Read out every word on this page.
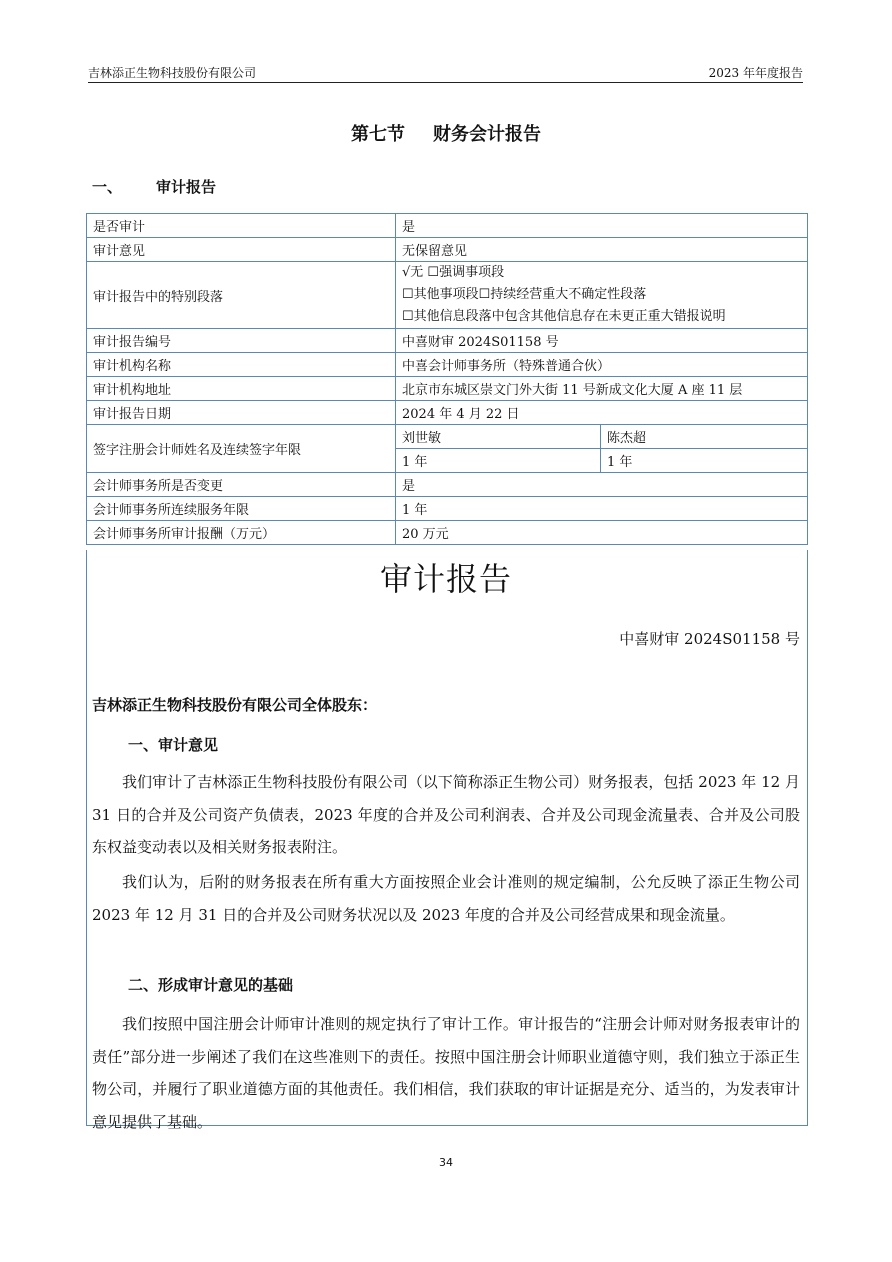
吉林添正生物科技股份有限公司	2023 年年度报告
第七节 财务会计报告
一、 审计报告
是否审计	是	
审计意见	无保留意见	
审计报告中的特别段落	√无 ☐强调事项段
☐其他事项段☐持续经营重大不确定性段落
☐其他信息段落中包含其他信息存在未更正重大错报说明	

审计报告编号	中喜财审 2024S01158 号	
审计机构名称	中喜会计师事务所（特殊普通合伙）	
审计机构地址	北京市东城区崇文门外大街 11 号新成文化大厦 A 座 11 层	
审计报告日期	2024 年 4 月 22 日	
签字注册会计师姓名及连续签字年限	刘世敏	陈杰超
	1 年	1 年
会计师事务所是否变更	是	
会计师事务所连续服务年限	1 年	
会计师事务所审计报酬（万元）	20 万元	
审计报告
中喜财审 2024S01158 号
吉林添正生物科技股份有限公司全体股东：
一、审计意见

我们审计了吉林添正生物科技股份有限公司（以下简称添正生物公司）财务报表，包括 2023 年 12 月 31 日的合并及公司资产负债表，2023 年度的合并及公司利润表、合并及公司现金流量表、合并及公司股东权益变动表以及相关财务报表附注。

我们认为，后附的财务报表在所有重大方面按照企业会计准则的规定编制，公允反映了添正生物公司 2023 年 12 月 31 日的合并及公司财务状况以及 2023 年度的合并及公司经营成果和现金流量。

二、形成审计意见的基础

我们按照中国注册会计师审计准则的规定执行了审计工作。审计报告的“注册会计师对财务报表审计的责任”部分进一步阐述了我们在这些准则下的责任。按照中国注册会计师职业道德守则，我们独立于添正生物公司，并履行了职业道德方面的其他责任。我们相信，我们获取的审计证据是充分、适当的，为发表审计意见提供了基础。

34
